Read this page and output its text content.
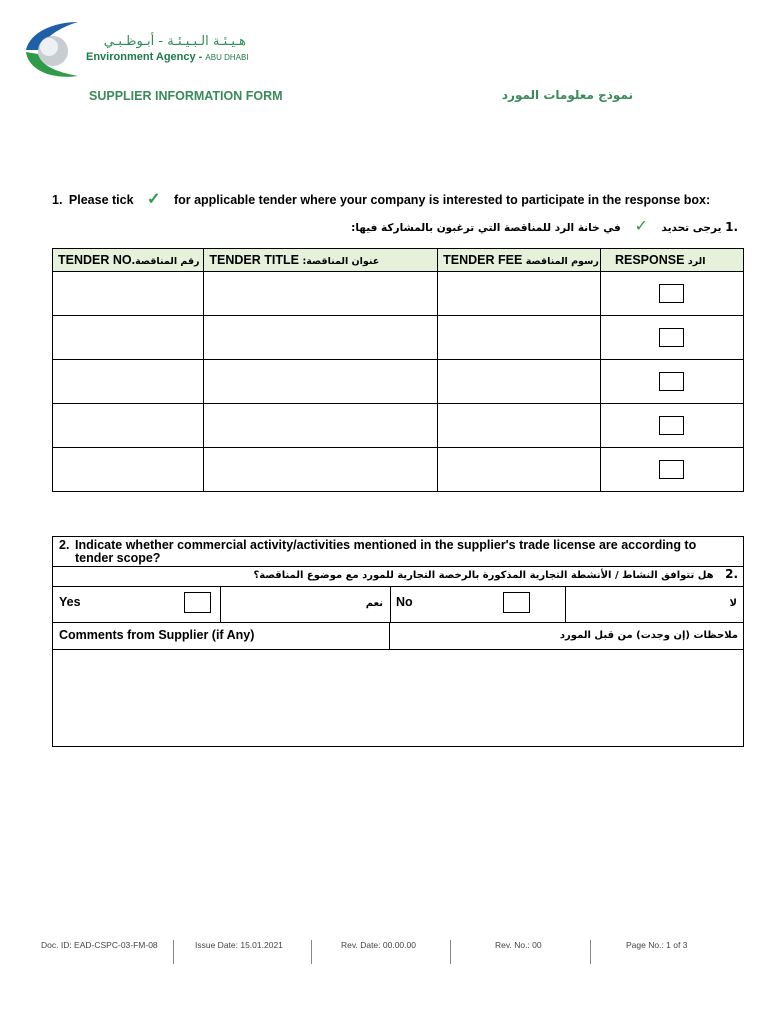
هـيـئـة الـبـيـئـة - أبـوظـبـي
Environment Agency - ABU DHABI
SUPPLIER INFORMATION FORM	نموذج معلومات المورد
1. Please tick ✓ for applicable tender where your company is interested to participate in the response box:
.1 يرجى تحديد ✓ في خانة الرد للمناقصة التي ترغبون بالمشاركة فيها:
TENDER NO.رقم المناقصة	TENDER TITLE :عنوان المناقصة	TENDER FEE رسوم المناقصة	RESPONSE الرد

2. Indicate whether commercial activity/activities mentioned in the supplier's trade license are according to tender scope?
.2 هل تتوافق النشاط / الأنشطة التجارية المذكورة بالرخصة التجارية للمورد مع موضوع المناقصة؟
Yes	نعم No	لا
Comments from Supplier (if Any)	ملاحظات (إن وجدت) من قبل المورد
Doc. ID: EAD-CSPC-03-FM-08	Issue Date: 15.01.2021	Rev. Date: 00.00.00	Rev. No.: 00	Page No.: 1 of 3
